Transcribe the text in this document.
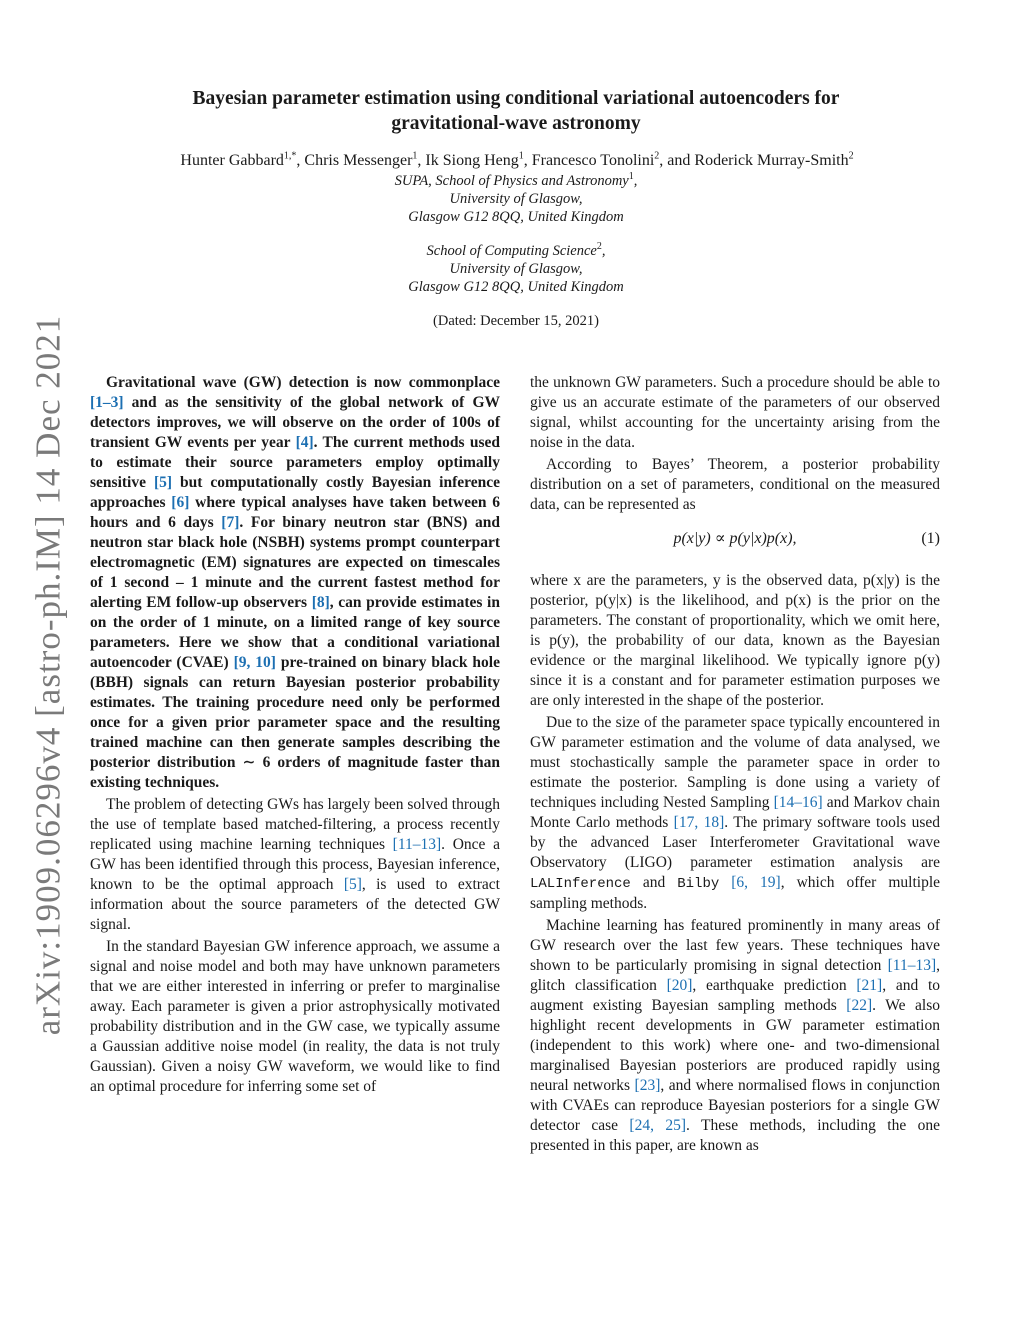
arXiv:1909.06296v4 [astro-ph.IM] 14 Dec 2021
Bayesian parameter estimation using conditional variational autoencoders for
gravitational-wave astronomy
Hunter Gabbard$^{1,*}$, Chris Messenger$^1$, Ik Siong Heng$^1$, Francesco Tonolini$^2$, and Roderick Murray-Smith$^2$
SUPA, School of Physics and Astronomy$^1$,
University of Glasgow,
Glasgow G12 8QQ, United Kingdom
School of Computing Science$^2$,
University of Glasgow,
Glasgow G12 8QQ, United Kingdom
(Dated: December 15, 2021)

Gravitational wave (GW) detection is now commonplace [1–3] and as the sensitivity of the global network of GW detectors improves, we will observe on the order of 100s of transient GW events per year [4]. The current methods used to estimate their source parameters employ optimally sensitive [5] but computationally costly Bayesian inference approaches [6] where typical analyses have taken between 6 hours and 6 days [7]. For binary neutron star (BNS) and neutron star black hole (NSBH) systems prompt counterpart electromagnetic (EM) signatures are expected on timescales of 1 second – 1 minute and the current fastest method for alerting EM follow-up observers [8], can provide estimates in on the order of 1 minute, on a limited range of key source parameters. Here we show that a conditional variational autoencoder (CVAE) [9, 10] pre-trained on binary black hole (BBH) signals can return Bayesian posterior probability estimates. The training procedure need only be performed once for a given prior parameter space and the resulting trained machine can then generate samples describing the posterior distribution ∼ 6 orders of magnitude faster than existing techniques.

The problem of detecting GWs has largely been solved through the use of template based matched-filtering, a process recently replicated using machine learning techniques [11–13]. Once a GW has been identified through this process, Bayesian inference, known to be the optimal approach [5], is used to extract information about the source parameters of the detected GW signal.

In the standard Bayesian GW inference approach, we assume a signal and noise model and both may have unknown parameters that we are either interested in inferring or prefer to marginalise away. Each parameter is given a prior astrophysically motivated probability distribution and in the GW case, we typically assume a Gaussian additive noise model (in reality, the data is not truly Gaussian). Given a noisy GW waveform, we would like to find an optimal procedure for inferring some set of

the unknown GW parameters. Such a procedure should be able to give us an accurate estimate of the parameters of our observed signal, whilst accounting for the uncertainty arising from the noise in the data.

According to Bayes’ Theorem, a posterior probability distribution on a set of parameters, conditional on the measured data, can be represented as

p(x|y) ∝ p(y|x)p(x),	(1)

where x are the parameters, y is the observed data, p(x|y) is the posterior, p(y|x) is the likelihood, and p(x) is the prior on the parameters. The constant of proportionality, which we omit here, is p(y), the probability of our data, known as the Bayesian evidence or the marginal likelihood. We typically ignore p(y) since it is a constant and for parameter estimation purposes we are only interested in the shape of the posterior.

Due to the size of the parameter space typically encountered in GW parameter estimation and the volume of data analysed, we must stochastically sample the parameter space in order to estimate the posterior. Sampling is done using a variety of techniques including Nested Sampling [14–16] and Markov chain Monte Carlo methods [17, 18]. The primary software tools used by the advanced Laser Interferometer Gravitational wave Observatory (LIGO) parameter estimation analysis are LALInference and Bilby [6, 19], which offer multiple sampling methods.

Machine learning has featured prominently in many areas of GW research over the last few years. These techniques have shown to be particularly promising in signal detection [11–13], glitch classification [20], earthquake prediction [21], and to augment existing Bayesian sampling methods [22]. We also highlight recent developments in GW parameter estimation (independent to this work) where one- and two-dimensional marginalised Bayesian posteriors are produced rapidly using neural networks [23], and where normalised flows in conjunction with CVAEs can reproduce Bayesian posteriors for a single GW detector case [24, 25]. These methods, including the one presented in this paper, are known as
